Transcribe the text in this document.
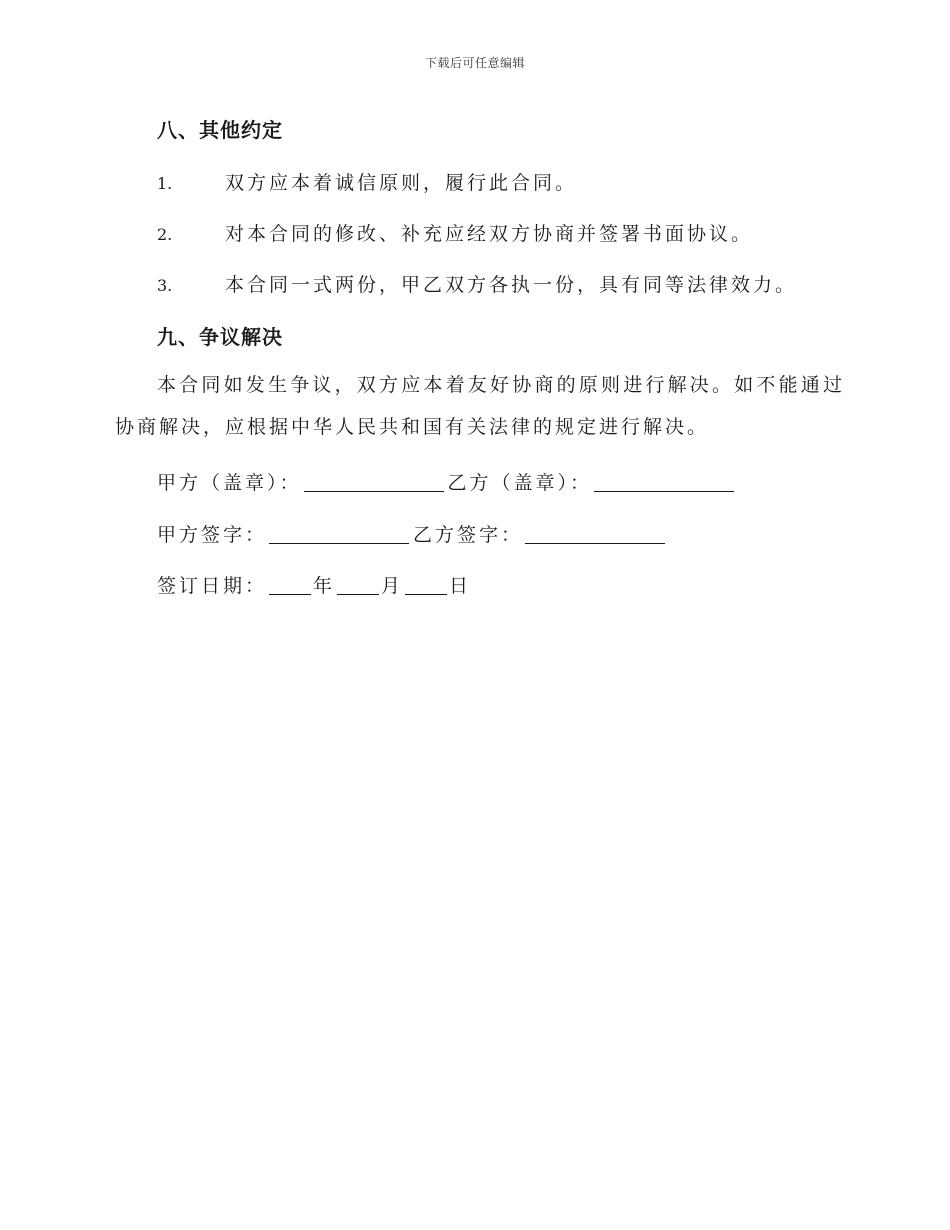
下载后可任意编辑
八、其他约定
1.	双方应本着诚信原则，履行此合同。
2.	对本合同的修改、补充应经双方协商并签署书面协议。
3.	本合同一式两份，甲乙双方各执一份，具有同等法律效力。
九、争议解决
本合同如发生争议，双方应本着友好协商的原则进行解决。如不能通过协商解决，应根据中华人民共和国有关法律的规定进行解决。
甲方（盖章）：	乙方（盖章）：
甲方签字：	乙方签字：
签订日期： 年 月 日
